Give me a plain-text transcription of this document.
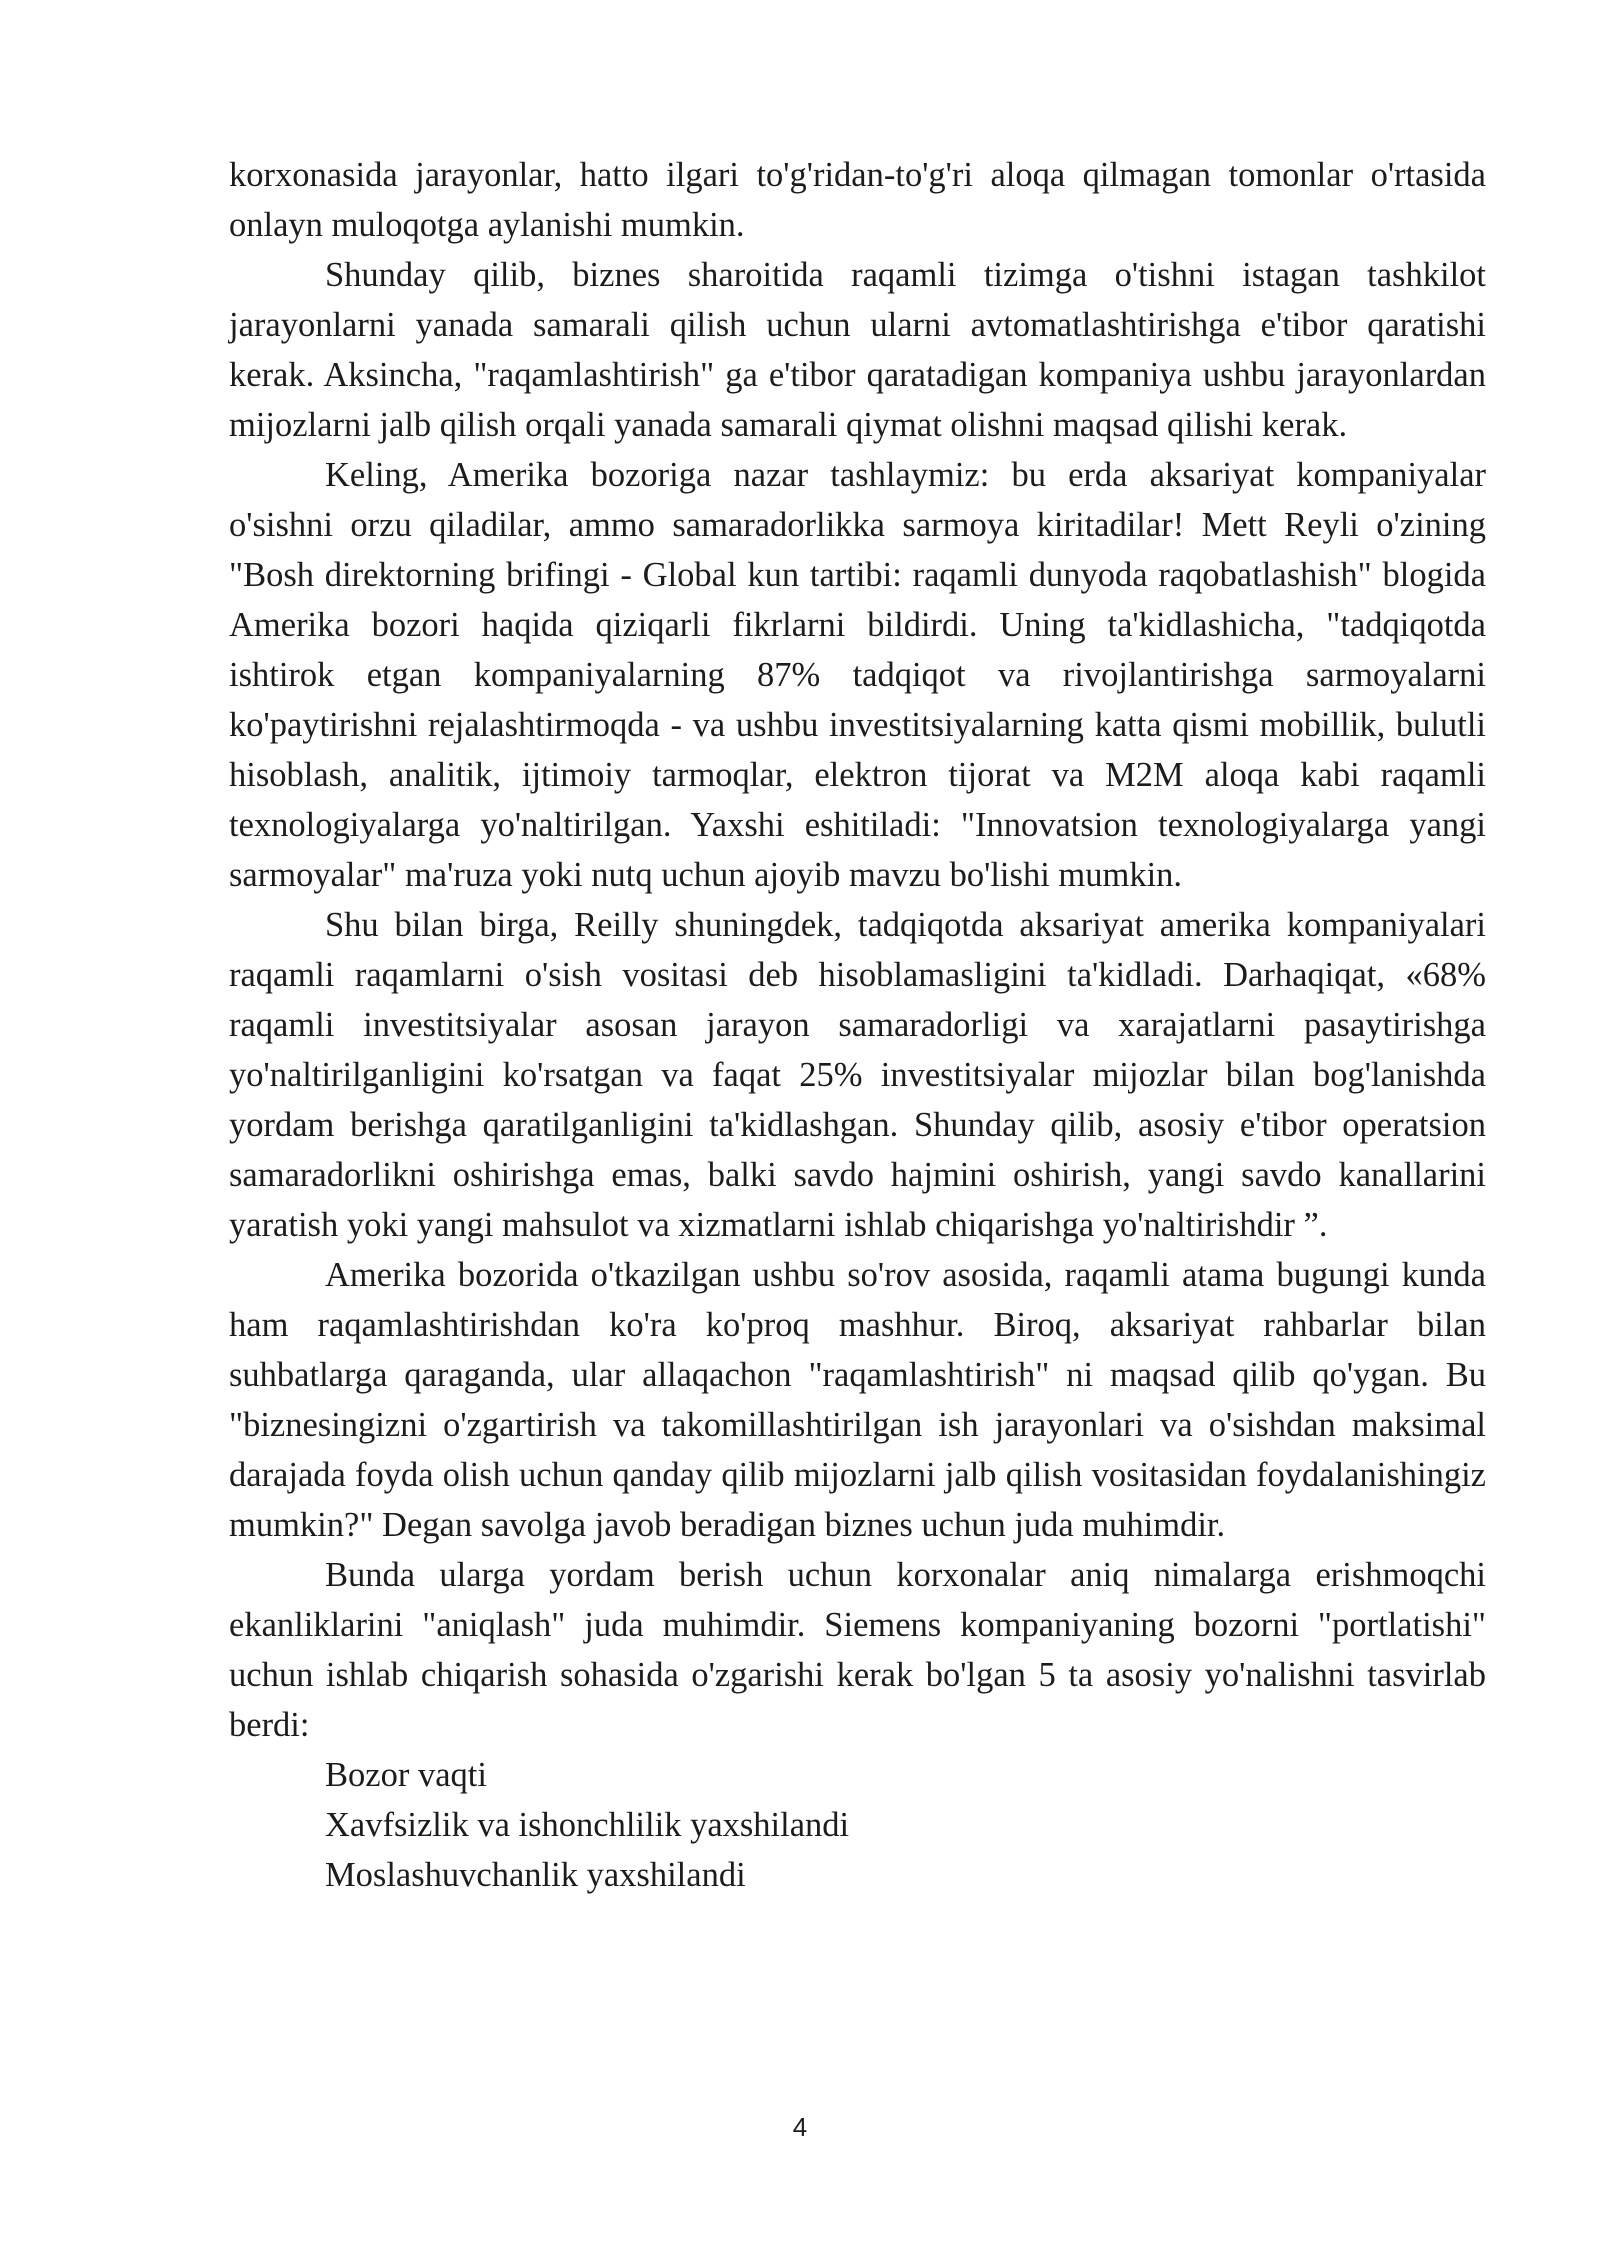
korxonasida jarayonlar, hatto ilgari to'g'ridan-to'g'ri aloqa qilmagan tomonlar o'rtasida onlayn muloqotga aylanishi mumkin.

Shunday qilib, biznes sharoitida raqamli tizimga o'tishni istagan tashkilot jarayonlarni yanada samarali qilish uchun ularni avtomatlashtirishga e'tibor qaratishi kerak. Aksincha, "raqamlashtirish" ga e'tibor qaratadigan kompaniya ushbu jarayonlardan mijozlarni jalb qilish orqali yanada samarali qiymat olishni maqsad qilishi kerak.

Keling, Amerika bozoriga nazar tashlaymiz: bu erda aksariyat kompaniyalar o'sishni orzu qiladilar, ammo samaradorlikka sarmoya kiritadilar! Mett Reyli o'zining "Bosh direktorning brifingi - Global kun tartibi: raqamli dunyoda raqobatlashish" blogida Amerika bozori haqida qiziqarli fikrlarni bildirdi. Uning ta'kidlashicha, "tadqiqotda ishtirok etgan kompaniyalarning 87% tadqiqot va rivojlantirishga sarmoyalarni ko'paytirishni rejalashtirmoqda - va ushbu investitsiyalarning katta qismi mobillik, bulutli hisoblash, analitik, ijtimoiy tarmoqlar, elektron tijorat va M2M aloqa kabi raqamli texnologiyalarga yo'naltirilgan. Yaxshi eshitiladi: "Innovatsion texnologiyalarga yangi sarmoyalar" ma'ruza yoki nutq uchun ajoyib mavzu bo'lishi mumkin.

Shu bilan birga, Reilly shuningdek, tadqiqotda aksariyat amerika kompaniyalari raqamli raqamlarni o'sish vositasi deb hisoblamasligini ta'kidladi. Darhaqiqat, «68% raqamli investitsiyalar asosan jarayon samaradorligi va xarajatlarni pasaytirishga yo'naltirilganligini ko'rsatgan va faqat 25% investitsiyalar mijozlar bilan bog'lanishda yordam berishga qaratilganligini ta'kidlashgan. Shunday qilib, asosiy e'tibor operatsion samaradorlikni oshirishga emas, balki savdo hajmini oshirish, yangi savdo kanallarini yaratish yoki yangi mahsulot va xizmatlarni ishlab chiqarishga yo'naltirishdir ”.

Amerika bozorida o'tkazilgan ushbu so'rov asosida, raqamli atama bugungi kunda ham raqamlashtirishdan ko'ra ko'proq mashhur. Biroq, aksariyat rahbarlar bilan suhbatlarga qaraganda, ular allaqachon "raqamlashtirish" ni maqsad qilib qo'ygan. Bu "biznesingizni o'zgartirish va takomillashtirilgan ish jarayonlari va o'sishdan maksimal darajada foyda olish uchun qanday qilib mijozlarni jalb qilish vositasidan foydalanishingiz mumkin?" Degan savolga javob beradigan biznes uchun juda muhimdir.

Bunda ularga yordam berish uchun korxonalar aniq nimalarga erishmoqchi ekanliklarini "aniqlash" juda muhimdir. Siemens kompaniyaning bozorni "portlatishi" uchun ishlab chiqarish sohasida o'zgarishi kerak bo'lgan 5 ta asosiy yo'nalishni tasvirlab berdi:

Bozor vaqti

Xavfsizlik va ishonchlilik yaxshilandi

Moslashuvchanlik yaxshilandi

4
